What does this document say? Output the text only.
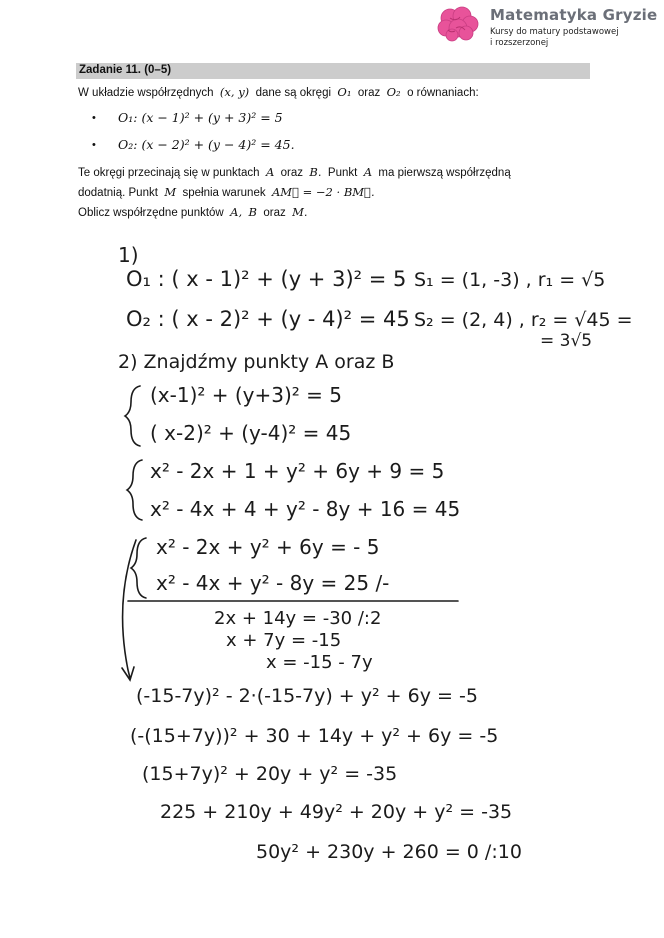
Matematyka Gryzie
Kursy do matury podstawowej
i rozszerzonej
Zadanie 11. (0–5)
W układzie współrzędnych (x, y) dane są okręgi O₁ oraz O₂ o równaniach:
• O₁: (x − 1)² + (y + 3)² = 5
• O₂: (x − 2)² + (y − 4)² = 45.
Te okręgi przecinają się w punktach A oraz B. Punkt A ma pierwszą współrzędną
dodatnią. Punkt M spełnia warunek AM⃗ = −2 · BM⃗.
Oblicz współrzędne punktów A, B oraz M.
1)
O₁ : ( x - 1)² + (y + 3)² = 5 S₁ = (1, -3) , r₁ = √5
O₂ : ( x - 2)² + (y - 4)² = 45 S₂ = (2, 4) , r₂ = √45 =
= 3√5
2) Znajdźmy punkty A oraz B
(x-1)² + (y+3)² = 5
( x-2)² + (y-4)² = 45
x² - 2x + 1 + y² + 6y + 9 = 5
x² - 4x + 4 + y² - 8y + 16 = 45
x² - 2x + y² + 6y = - 5
x² - 4x + y² - 8y = 25 /-
2x + 14y = -30 /:2
x + 7y = -15
x = -15 - 7y
(-15-7y)² - 2·(-15-7y) + y² + 6y = -5
(-(15+7y))² + 30 + 14y + y² + 6y = -5
(15+7y)² + 20y + y² = -35
225 + 210y + 49y² + 20y + y² = -35
50y² + 230y + 260 = 0 /:10
